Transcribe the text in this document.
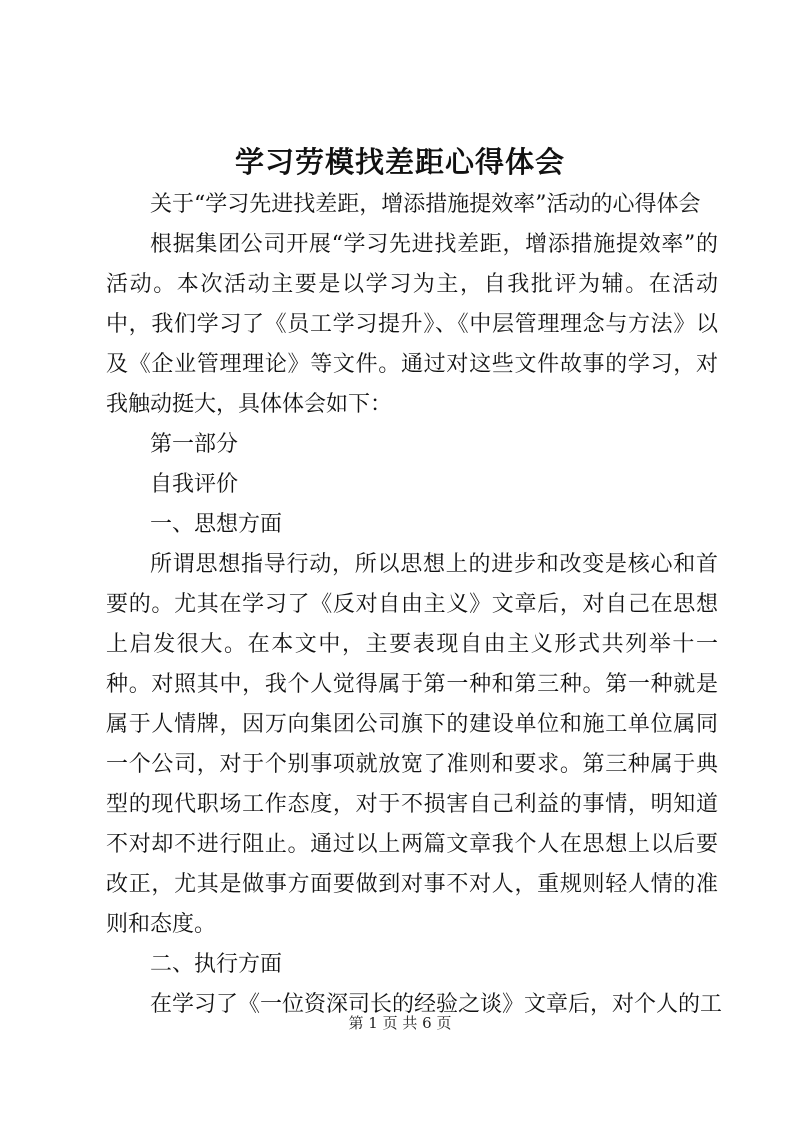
学习劳模找差距心得体会

关于“学习先进找差距，增添措施提效率”活动的心得体会

根据集团公司开展“学习先进找差距，增添措施提效率”的活动。本次活动主要是以学习为主，自我批评为辅。在活动中，我们学习了《员工学习提升》、《中层管理理念与方法》以及《企业管理理论》等文件。通过对这些文件故事的学习，对我触动挺大，具体体会如下：

第一部分

自我评价

一、思想方面

所谓思想指导行动，所以思想上的进步和改变是核心和首要的。尤其在学习了《反对自由主义》文章后，对自己在思想上启发很大。在本文中，主要表现自由主义形式共列举十一种。对照其中，我个人觉得属于第一种和第三种。第一种就是属于人情牌，因万向集团公司旗下的建设单位和施工单位属同一个公司，对于个别事项就放宽了准则和要求。第三种属于典型的现代职场工作态度，对于不损害自己利益的事情，明知道不对却不进行阻止。通过以上两篇文章我个人在思想上以后要改正，尤其是做事方面要做到对事不对人，重规则轻人情的准则和态度。

二、执行方面

在学习了《一位资深司长的经验之谈》文章后，对个人的工

第 1 页 共 6 页
